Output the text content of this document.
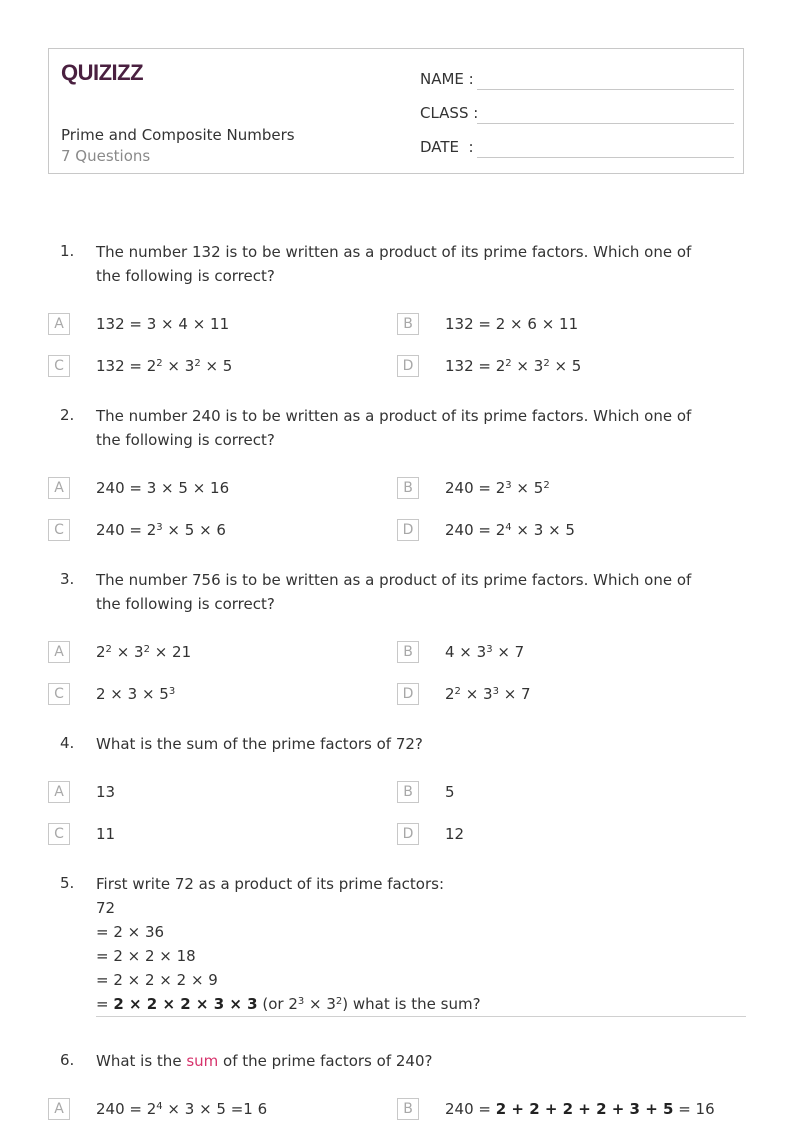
QUIZIZZ
Prime and Composite Numbers
7 Questions
NAME :
CLASS :
DATE  :
1. The number 132 is to be written as a product of its prime factors. Which one of the following is correct?
A	132 = 3 × 4 × 11	B	132 = 2 × 6 × 11
C	$132 = 2^2 \times 3^2 \times 5$	D	$132 = 2^2 \times 3^2 \times 5$
2. The number 240 is to be written as a product of its prime factors. Which one of the following is correct?
A	240 = 3 × 5 × 16	B	$240 = 2^3 \times 5^2$
C	$240 = 2^3 \times 5 \times 6$	D	$240 = 2^4 \times 3 \times 5$
3. The number 756 is to be written as a product of its prime factors. Which one of the following is correct?
A	$2^2 \times 3^2 \times 21$	B	$4 \times 3^3 \times 7$
C	$2 \times 3 \times 5^3$	D	$2^2 \times 3^3 \times 7$
4. What is the sum of the prime factors of 72?
A	13	B	5
C	11	D	12
5. First write 72 as a product of its prime factors:
72
= 2 × 36
= 2 × 2 × 18
= 2 × 2 × 2 × 9
= 2 × 2 × 2 × 3 × 3 (or $2^3 \times 3^2$) what is the sum?
6. What is the sum of the prime factors of 240?
A	$240 = 2^4 \times 3 \times 5 =1$ 6	B	240 = 2 + 2 + 2 + 2 + 3 + 5 = 16
